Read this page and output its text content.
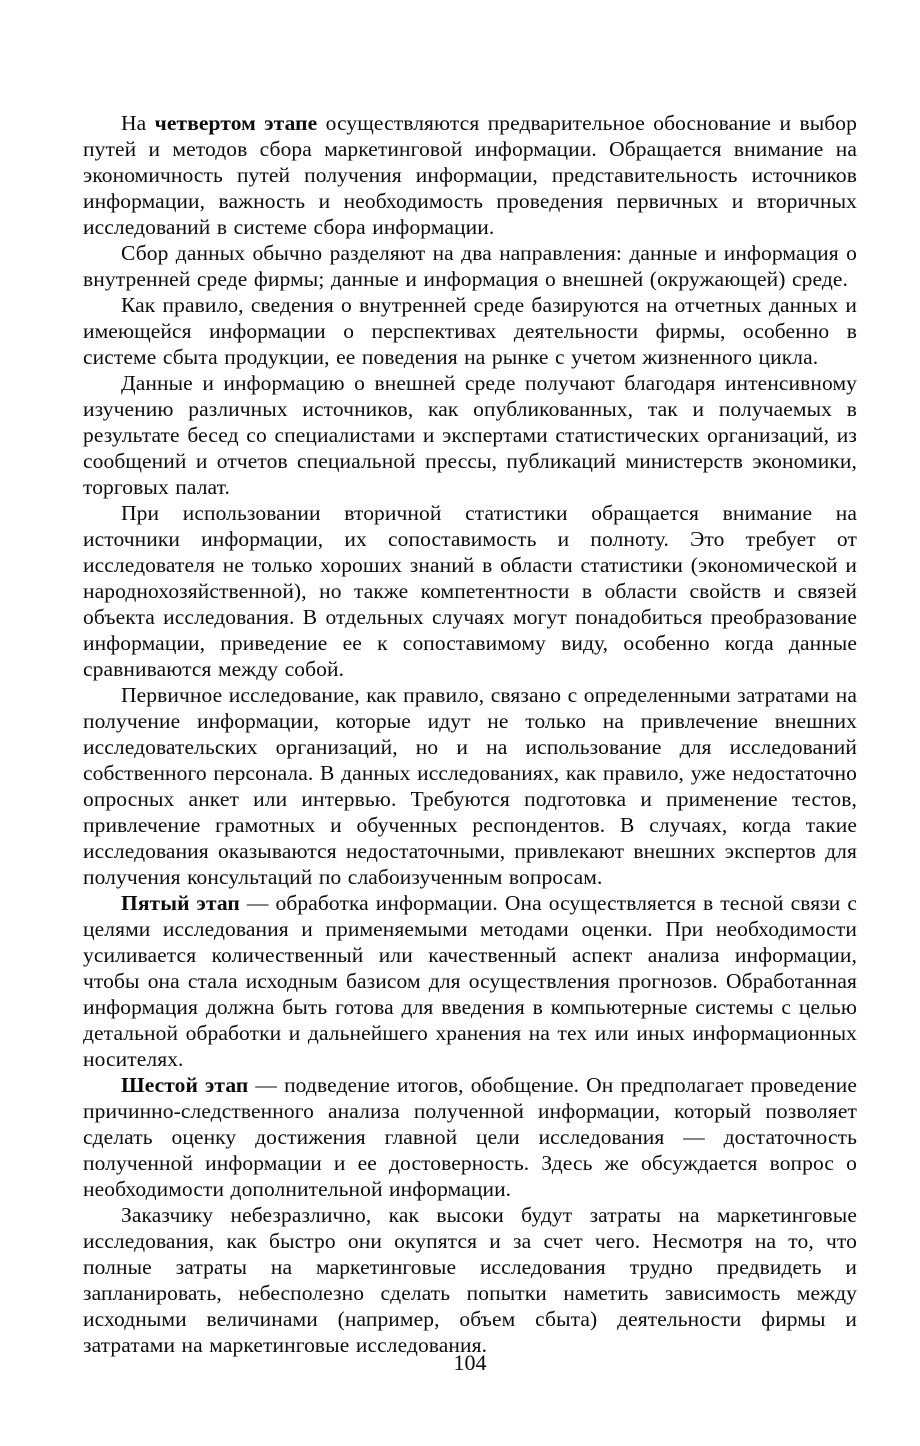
На четвертом этапе осуществляются предварительное обоснование и выбор путей и методов сбора маркетинговой информации. Обращается внимание на экономичность путей получения информации, представительность источников информации, важность и необходимость проведения первичных и вторичных исследований в системе сбора информации.

Сбор данных обычно разделяют на два направления: данные и информация о внутренней среде фирмы; данные и информация о внешней (окружающей) среде.

Как правило, сведения о внутренней среде базируются на отчетных данных и имеющейся информации о перспективах деятельности фирмы, особенно в системе сбыта продукции, ее поведения на рынке с учетом жизненного цикла.

Данные и информацию о внешней среде получают благодаря интенсивному изучению различных источников, как опубликованных, так и получаемых в результате бесед со специалистами и экспертами статистических организаций, из сообщений и отчетов специальной прессы, публикаций министерств экономики, торговых палат.

При использовании вторичной статистики обращается внимание на источники информации, их сопоставимость и полноту. Это требует от исследователя не только хороших знаний в области статистики (экономической и народнохозяйственной), но также компетентности в области свойств и связей объекта исследования. В отдельных случаях могут понадобиться преобразование информации, приведение ее к сопоставимому виду, особенно когда данные сравниваются между собой.

Первичное исследование, как правило, связано с определенными затратами на получение информации, которые идут не только на привлечение внешних исследовательских организаций, но и на использование для исследований собственного персонала. В данных исследованиях, как правило, уже недостаточно опросных анкет или интервью. Требуются подготовка и применение тестов, привлечение грамотных и обученных респондентов. В случаях, когда такие исследования оказываются недостаточными, привлекают внешних экспертов для получения консультаций по слабоизученным вопросам.

Пятый этап — обработка информации. Она осуществляется в тесной связи с целями исследования и применяемыми методами оценки. При необходимости усиливается количественный или качественный аспект анализа информации, чтобы она стала исходным базисом для осуществления прогнозов. Обработанная информация должна быть готова для введения в компьютерные системы с целью детальной обработки и дальнейшего хранения на тех или иных информационных носителях.

Шестой этап — подведение итогов, обобщение. Он предполагает проведение причинно-следственного анализа полученной информации, который позволяет сделать оценку достижения главной цели исследования — достаточность полученной информации и ее достоверность. Здесь же обсуждается вопрос о необходимости дополнительной информации.

Заказчику небезразлично, как высоки будут затраты на маркетинговые исследования, как быстро они окупятся и за счет чего. Несмотря на то, что полные затраты на маркетинговые исследования трудно предвидеть и запланировать, небесполезно сделать попытки наметить зависимость между исходными величинами (например, объем сбыта) деятельности фирмы и затратами на маркетинговые исследования.

104
